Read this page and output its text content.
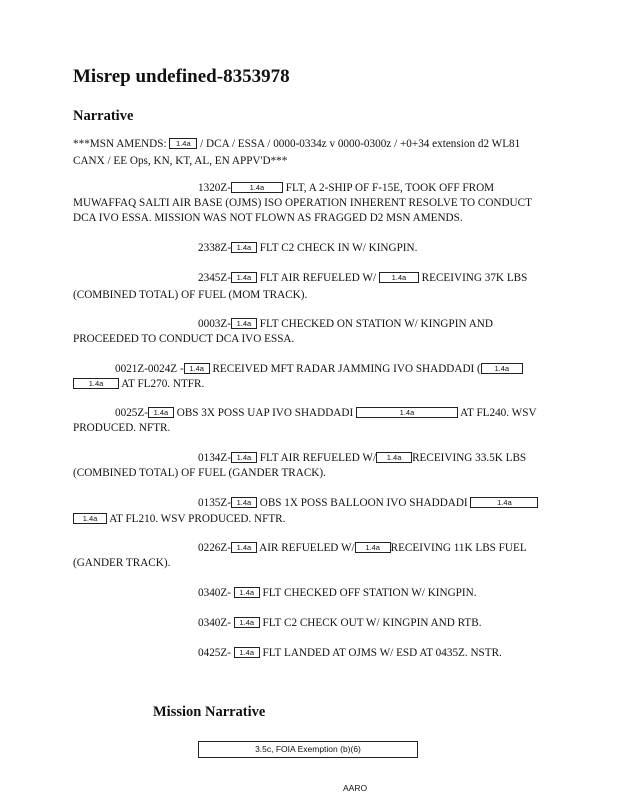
Misrep undefined-8353978
Narrative
***MSN AMENDS: 1.4a / DCA / ESSA / 0000-0334z v 0000-0300z / +0+34 extension d2 WL81
CANX / EE Ops, KN, KT, AL, EN APPV'D***
1320Z- 1.4a FLT, A 2-SHIP OF F-15E, TOOK OFF FROM
MUWAFFAQ SALTI AIR BASE (OJMS) ISO OPERATION INHERENT RESOLVE TO CONDUCT
DCA IVO ESSA. MISSION WAS NOT FLOWN AS FRAGGED D2 MSN AMENDS.
2338Z- 1.4a FLT C2 CHECK IN W/ KINGPIN.
2345Z- 1.4a FLT AIR REFUELED W/ 1.4a RECEIVING 37K LBS
(COMBINED TOTAL) OF FUEL (MOM TRACK).
0003Z- 1.4a FLT CHECKED ON STATION W/ KINGPIN AND
PROCEEDED TO CONDUCT DCA IVO ESSA.
0021Z-0024Z - 1.4a RECEIVED MFT RADAR JAMMING IVO SHADDADI ( 1.4a
1.4a AT FL270. NTFR.
0025Z- 1.4a OBS 3X POSS UAP IVO SHADDADI	1.4a	AT FL240. WSV
PRODUCED. NFTR.
0134Z- 1.4a FLT AIR REFUELED W/ 1.4a RECEIVING 33.5K LBS
(COMBINED TOTAL) OF FUEL (GANDER TRACK).
0135Z- 1.4a OBS 1X POSS BALLOON IVO SHADDADI	1.4a
1.4a AT FL210. WSV PRODUCED. NFTR.
0226Z- 1.4a AIR REFUELED W/ 1.4a RECEIVING 11K LBS FUEL
(GANDER TRACK).
0340Z- 1.4a FLT CHECKED OFF STATION W/ KINGPIN.
0340Z- 1.4a FLT C2 CHECK OUT W/ KINGPIN AND RTB.
0425Z- 1.4a FLT LANDED AT OJMS W/ ESD AT 0435Z. NSTR.
Mission Narrative
3.5c, FOIA Exemption (b)(6)
AARO
